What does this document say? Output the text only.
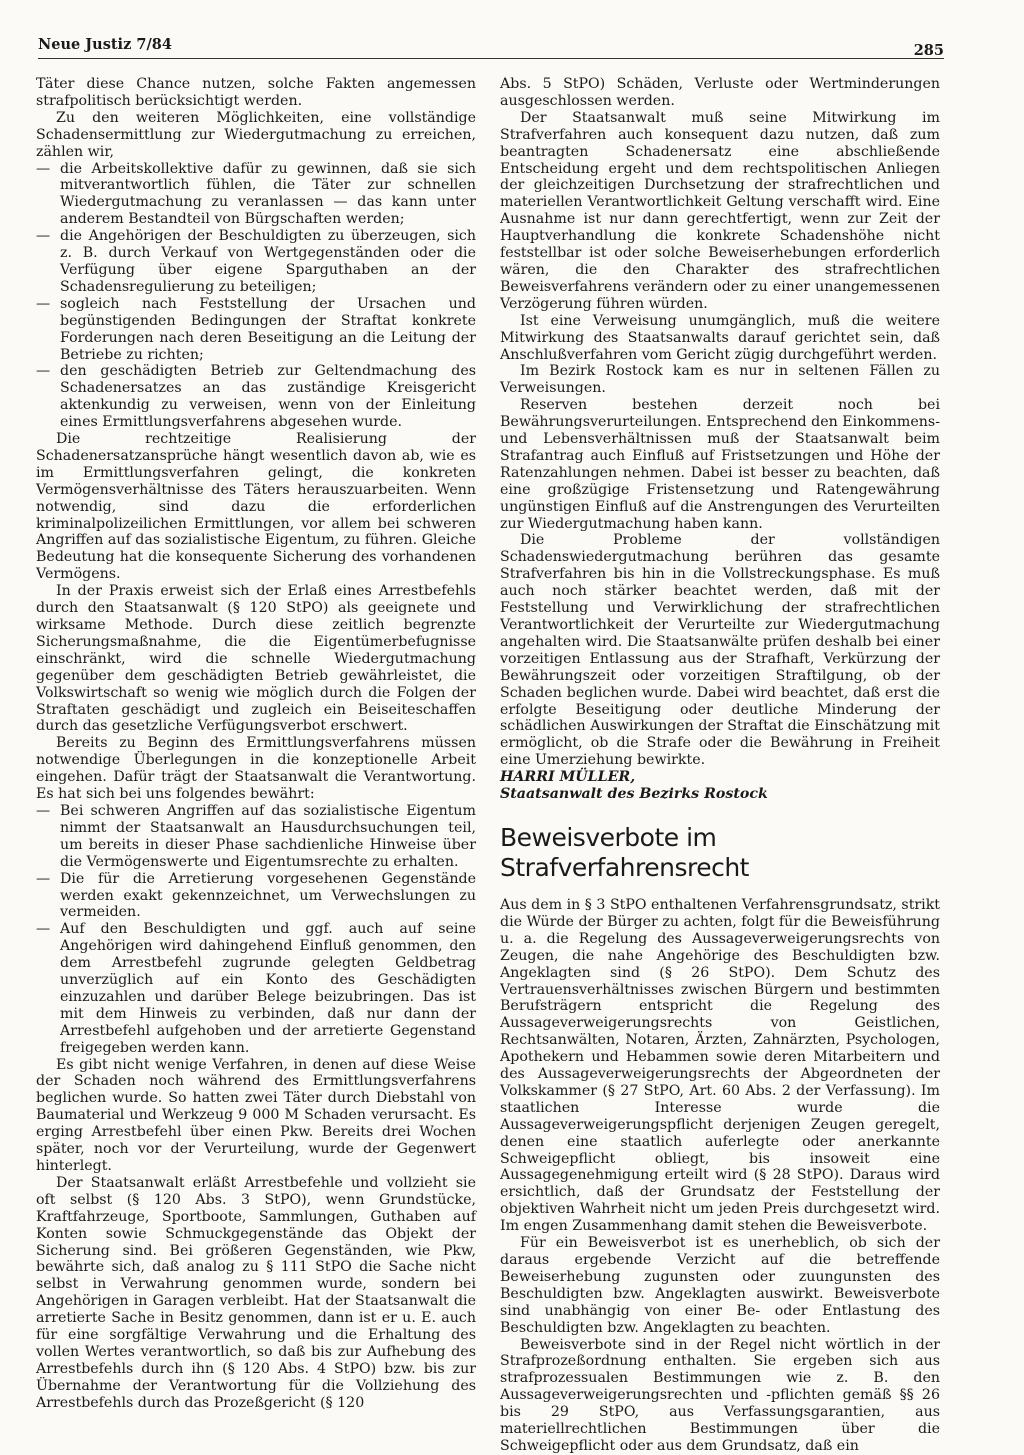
Neue Justiz 7/84	285

Täter diese Chance nutzen, solche Fakten angemessen strafpolitisch berücksichtigt werden.

Zu den weiteren Möglichkeiten, eine vollständige Schadensermittlung zur Wiedergutmachung zu erreichen, zählen wir,

— die Arbeitskollektive dafür zu gewinnen, daß sie sich mitverantwortlich fühlen, die Täter zur schnellen Wiedergutmachung zu veranlassen — das kann unter anderem Bestandteil von Bürgschaften werden;
— die Angehörigen der Beschuldigten zu überzeugen, sich z. B. durch Verkauf von Wertgegenständen oder die Verfügung über eigene Sparguthaben an der Schadensregulierung zu beteiligen;
— sogleich nach Feststellung der Ursachen und begünstigenden Bedingungen der Straftat konkrete Forderungen nach deren Beseitigung an die Leitung der Betriebe zu richten;
— den geschädigten Betrieb zur Geltendmachung des Schadenersatzes an das zuständige Kreisgericht aktenkundig zu verweisen, wenn von der Einleitung eines Ermittlungsverfahrens abgesehen wurde.

Die rechtzeitige Realisierung der Schadenersatzansprüche hängt wesentlich davon ab, wie es im Ermittlungsverfahren gelingt, die konkreten Vermögensverhältnisse des Täters herauszuarbeiten. Wenn notwendig, sind dazu die erforderlichen kriminalpolizeilichen Ermittlungen, vor allem bei schweren Angriffen auf das sozialistische Eigentum, zu führen. Gleiche Bedeutung hat die konsequente Sicherung des vorhandenen Vermögens.

In der Praxis erweist sich der Erlaß eines Arrestbefehls durch den Staatsanwalt (§ 120 StPO) als geeignete und wirksame Methode. Durch diese zeitlich begrenzte Sicherungsmaßnahme, die die Eigentümerbefugnisse einschränkt, wird die schnelle Wiedergutmachung gegenüber dem geschädigten Betrieb gewährleistet, die Volkswirtschaft so wenig wie möglich durch die Folgen der Straftaten geschädigt und zugleich ein Beiseiteschaffen durch das gesetzliche Verfügungsverbot erschwert.

Bereits zu Beginn des Ermittlungsverfahrens müssen notwendige Überlegungen in die konzeptionelle Arbeit eingehen. Dafür trägt der Staatsanwalt die Verantwortung. Es hat sich bei uns folgendes bewährt:

— Bei schweren Angriffen auf das sozialistische Eigentum nimmt der Staatsanwalt an Hausdurchsuchungen teil, um bereits in dieser Phase sachdienliche Hinweise über die Vermögenswerte und Eigentumsrechte zu erhalten.
— Die für die Arretierung vorgesehenen Gegenstände werden exakt gekennzeichnet, um Verwechslungen zu vermeiden.
— Auf den Beschuldigten und ggf. auch auf seine Angehörigen wird dahingehend Einfluß genommen, den dem Arrestbefehl zugrunde gelegten Geldbetrag unverzüglich auf ein Konto des Geschädigten einzuzahlen und darüber Belege beizubringen. Das ist mit dem Hinweis zu verbinden, daß nur dann der Arrestbefehl aufgehoben und der arretierte Gegenstand freigegeben werden kann.

Es gibt nicht wenige Verfahren, in denen auf diese Weise der Schaden noch während des Ermittlungsverfahrens beglichen wurde. So hatten zwei Täter durch Diebstahl von Baumaterial und Werkzeug 9 000 M Schaden verursacht. Es erging Arrestbefehl über einen Pkw. Bereits drei Wochen später, noch vor der Verurteilung, wurde der Gegenwert hinterlegt.

Der Staatsanwalt erläßt Arrestbefehle und vollzieht sie oft selbst (§ 120 Abs. 3 StPO), wenn Grundstücke, Kraftfahrzeuge, Sportboote, Sammlungen, Guthaben auf Konten sowie Schmuckgegenstände das Objekt der Sicherung sind. Bei größeren Gegenständen, wie Pkw, bewährte sich, daß analog zu § 111 StPO die Sache nicht selbst in Verwahrung genommen wurde, sondern bei Angehörigen in Garagen verbleibt. Hat der Staatsanwalt die arretierte Sache in Besitz genommen, dann ist er u. E. auch für eine sorgfältige Verwahrung und die Erhaltung des vollen Wertes verantwortlich, so daß bis zur Aufhebung des Arrestbefehls durch ihn (§ 120 Abs. 4 StPO) bzw. bis zur Übernahme der Verantwortung für die Vollziehung des Arrestbefehls durch das Prozeßgericht (§ 120

Abs. 5 StPO) Schäden, Verluste oder Wertminderungen ausgeschlossen werden.

Der Staatsanwalt muß seine Mitwirkung im Strafverfahren auch konsequent dazu nutzen, daß zum beantragten Schadenersatz eine abschließende Entscheidung ergeht und dem rechtspolitischen Anliegen der gleichzeitigen Durchsetzung der strafrechtlichen und materiellen Verantwortlichkeit Geltung verschafft wird. Eine Ausnahme ist nur dann gerechtfertigt, wenn zur Zeit der Hauptverhandlung die konkrete Schadenshöhe nicht feststellbar ist oder solche Beweiserhebungen erforderlich wären, die den Charakter des strafrechtlichen Beweisverfahrens verändern oder zu einer unangemessenen Verzögerung führen würden.

Ist eine Verweisung unumgänglich, muß die weitere Mitwirkung des Staatsanwalts darauf gerichtet sein, daß Anschlußverfahren vom Gericht zügig durchgeführt werden.

Im Bezirk Rostock kam es nur in seltenen Fällen zu Verweisungen.

Reserven bestehen derzeit noch bei Bewährungsverurteilungen. Entsprechend den Einkommens- und Lebensverhältnissen muß der Staatsanwalt beim Strafantrag auch Einfluß auf Fristsetzungen und Höhe der Ratenzahlungen nehmen. Dabei ist besser zu beachten, daß eine großzügige Fristensetzung und Ratengewährung ungünstigen Einfluß auf die Anstrengungen des Verurteilten zur Wiedergutmachung haben kann.

Die Probleme der vollständigen Schadenswiedergutmachung berühren das gesamte Strafverfahren bis hin in die Vollstreckungsphase. Es muß auch noch stärker beachtet werden, daß mit der Feststellung und Verwirklichung der strafrechtlichen Verantwortlichkeit der Verurteilte zur Wiedergutmachung angehalten wird. Die Staatsanwälte prüfen deshalb bei einer vorzeitigen Entlassung aus der Strafhaft, Verkürzung der Bewährungszeit oder vorzeitigen Straftilgung, ob der Schaden beglichen wurde. Dabei wird beachtet, daß erst die erfolgte Beseitigung oder deutliche Minderung der schädlichen Auswirkungen der Straftat die Einschätzung mit ermöglicht, ob die Strafe oder die Bewährung in Freiheit eine Umerziehung bewirkte.

HARRI MÜLLER,

Staatsanwalt des Bezirks Rostock

Beweisverbote im Strafverfahrensrecht

Aus dem in § 3 StPO enthaltenen Verfahrensgrundsatz, strikt die Würde der Bürger zu achten, folgt für die Beweisführung u. a. die Regelung des Aussageverweigerungsrechts von Zeugen, die nahe Angehörige des Beschuldigten bzw. Angeklagten sind (§ 26 StPO). Dem Schutz des Vertrauensverhältnisses zwischen Bürgern und bestimmten Berufsträgern entspricht die Regelung des Aussageverweigerungsrechts von Geistlichen, Rechtsanwälten, Notaren, Ärzten, Zahnärzten, Psychologen, Apothekern und Hebammen sowie deren Mitarbeitern und des Aussageverweigerungsrechts der Abgeordneten der Volkskammer (§ 27 StPO, Art. 60 Abs. 2 der Verfassung). Im staatlichen Interesse wurde die Aussageverweigerungspflicht derjenigen Zeugen geregelt, denen eine staatlich auferlegte oder anerkannte Schweigepflicht obliegt, bis insoweit eine Aussagegenehmigung erteilt wird (§ 28 StPO). Daraus wird ersichtlich, daß der Grundsatz der Feststellung der objektiven Wahrheit nicht um jeden Preis durchgesetzt wird. Im engen Zusammenhang damit stehen die Beweisverbote.

Für ein Beweisverbot ist es unerheblich, ob sich der daraus ergebende Verzicht auf die betreffende Beweiserhebung zugunsten oder zuungunsten des Beschuldigten bzw. Angeklagten auswirkt. Beweisverbote sind unabhängig von einer Be- oder Entlastung des Beschuldigten bzw. Angeklagten zu beachten.

Beweisverbote sind in der Regel nicht wörtlich in der Strafprozeßordnung enthalten. Sie ergeben sich aus strafprozessualen Bestimmungen wie z. B. den Aussageverweigerungsrechten und -pflichten gemäß §§ 26 bis 29 StPO, aus Verfassungsgarantien, aus materiellrechtlichen Bestimmungen über die Schweigepflicht oder aus dem Grundsatz, daß ein
